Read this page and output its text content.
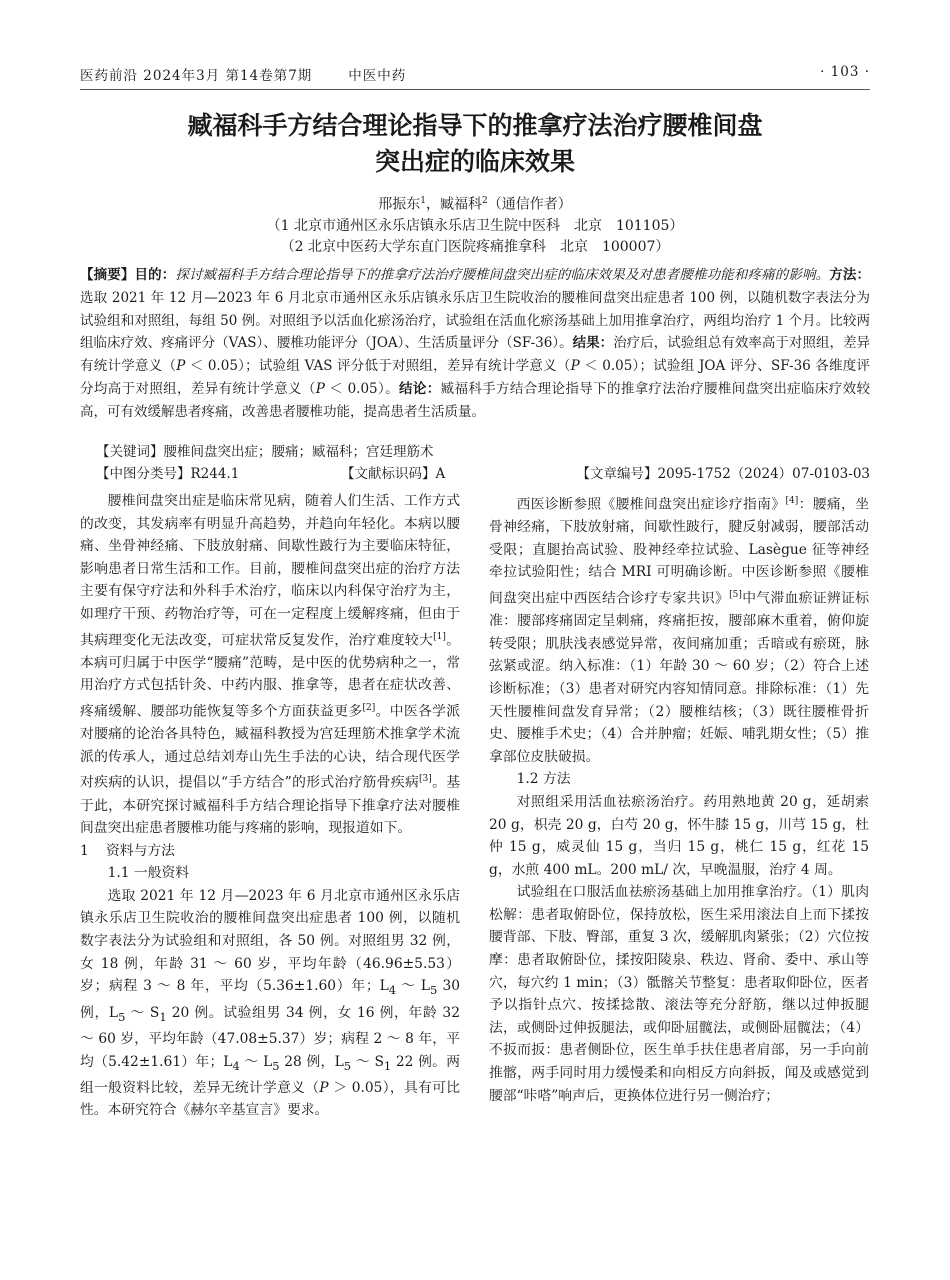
医药前沿 2024年3月 第14卷第7期	中医中药	· 103 ·
臧福科手方结合理论指导下的推拿疗法治疗腰椎间盘
突出症的临床效果
邢振东$^1$，臧福科$^2$（通信作者）
（1 北京市通州区永乐店镇永乐店卫生院中医科　北京　101105）
（2 北京中医药大学东直门医院疼痛推拿科　北京　100007）
【摘要】目的：探讨臧福科手方结合理论指导下的推拿疗法治疗腰椎间盘突出症的临床效果及对患者腰椎功能和疼痛的影响。方法：选取 2021 年 12 月—2023 年 6 月北京市通州区永乐店镇永乐店卫生院收治的腰椎间盘突出症患者 100 例，以随机数字表法分为试验组和对照组，每组 50 例。对照组予以活血化瘀汤治疗，试验组在活血化瘀汤基础上加用推拿治疗，两组均治疗 1 个月。比较两组临床疗效、疼痛评分（VAS）、腰椎功能评分（JOA）、生活质量评分（SF-36）。结果：治疗后，试验组总有效率高于对照组，差异有统计学意义（P ＜ 0.05）；试验组 VAS 评分低于对照组，差异有统计学意义（P ＜ 0.05）；试验组 JOA 评分、SF-36 各维度评分均高于对照组，差异有统计学意义（P ＜ 0.05）。结论：臧福科手方结合理论指导下的推拿疗法治疗腰椎间盘突出症临床疗效较高，可有效缓解患者疼痛，改善患者腰椎功能，提高患者生活质量。
【关键词】腰椎间盘突出症；腰痛；臧福科；宫廷理筋术
【中图分类号】R244.1	【文献标识码】A	【文章编号】2095-1752（2024）07-0103-03

腰椎间盘突出症是临床常见病，随着人们生活、工作方式的改变，其发病率有明显升高趋势，并趋向年轻化。本病以腰痛、坐骨神经痛、下肢放射痛、间歇性跛行为主要临床特征，影响患者日常生活和工作。目前，腰椎间盘突出症的治疗方法主要有保守疗法和外科手术治疗，临床以内科保守治疗为主，如理疗干预、药物治疗等，可在一定程度上缓解疼痛，但由于其病理变化无法改变，可症状常反复发作，治疗难度较大[1]。本病可归属于中医学“腰痛”范畴，是中医的优势病种之一，常用治疗方式包括针灸、中药内服、推拿等，患者在症状改善、疼痛缓解、腰部功能恢复等多个方面获益更多[2]。中医各学派对腰痛的论治各具特色，臧福科教授为宫廷理筋术推拿学术流派的传承人，通过总结刘寿山先生手法的心诀，结合现代医学对疾病的认识，提倡以“手方结合”的形式治疗筋骨疾病[3]。基于此，本研究探讨臧福科手方结合理论指导下推拿疗法对腰椎间盘突出症患者腰椎功能与疼痛的影响，现报道如下。

1 资料与方法

1.1 一般资料

选取 2021 年 12 月—2023 年 6 月北京市通州区永乐店镇永乐店卫生院收治的腰椎间盘突出症患者 100 例，以随机数字表法分为试验组和对照组，各 50 例。对照组男 32 例，女 18 例，年龄 31 ～ 60 岁，平均年龄（46.96±5.53）岁；病程 3 ～ 8 年，平均（5.36±1.60）年；$L_4$ ～ $L_5$ 30 例，$L_5$ ～ $S_1$ 20 例。试验组男 34 例，女 16 例，年龄 32 ～ 60 岁，平均年龄（47.08±5.37）岁；病程 2 ～ 8 年，平均（5.42±1.61）年；$L_4$ ～ $L_5$ 28 例，$L_5$ ～ $S_1$ 22 例。两组一般资料比较，差异无统计学意义（P ＞ 0.05），具有可比性。本研究符合《赫尔辛基宣言》要求。

西医诊断参照《腰椎间盘突出症诊疗指南》[4]：腰痛，坐骨神经痛，下肢放射痛，间歇性跛行，腱反射减弱，腰部活动受限；直腿抬高试验、股神经牵拉试验、Lasègue 征等神经牵拉试验阳性；结合 MRI 可明确诊断。中医诊断参照《腰椎间盘突出症中西医结合诊疗专家共识》[5]中气滞血瘀证辨证标准：腰部疼痛固定呈刺痛，疼痛拒按，腰部麻木重着，俯仰旋转受限；肌肤浅表感觉异常，夜间痛加重；舌暗或有瘀斑，脉弦紧或涩。纳入标准：（1）年龄 30 ～ 60 岁；（2）符合上述诊断标准；（3）患者对研究内容知情同意。排除标准：（1）先天性腰椎间盘发育异常；（2）腰椎结核；（3）既往腰椎骨折史、腰椎手术史；（4）合并肿瘤；妊娠、哺乳期女性；（5）推拿部位皮肤破损。

1.2 方法

对照组采用活血祛瘀汤治疗。药用熟地黄 20 g，延胡索 20 g，枳壳 20 g，白芍 20 g，怀牛膝 15 g，川芎 15 g，杜仲 15 g，威灵仙 15 g，当归 15 g，桃仁 15 g，红花 15 g，水煎 400 mL。200 mL/ 次，早晚温服，治疗 4 周。

试验组在口服活血祛瘀汤基础上加用推拿治疗。（1）肌肉松解：患者取俯卧位，保持放松，医生采用滚法自上而下揉按腰背部、下肢、臀部，重复 3 次，缓解肌肉紧张；（2）穴位按摩：患者取俯卧位，揉按阳陵泉、秩边、肾俞、委中、承山等穴，每穴约 1 min；（3）骶髂关节整复：患者取仰卧位，医者予以指针点穴、按揉捻散、滚法等充分舒筋，继以过伸扳腿法，或侧卧过伸扳腿法，或仰卧屈髋法，或侧卧屈髋法；（4）不扳而扳：患者侧卧位，医生单手扶住患者肩部，另一手向前推髂，两手同时用力缓慢柔和向相反方向斜扳，闻及或感觉到腰部“咔嗒”响声后，更换体位进行另一侧治疗；
